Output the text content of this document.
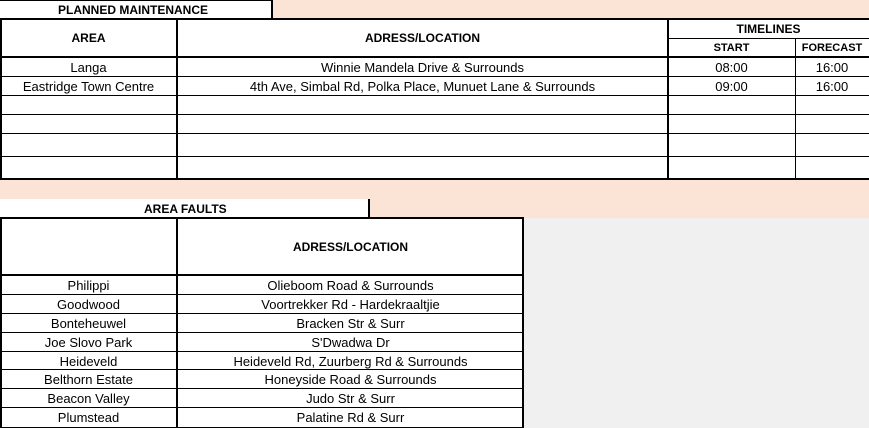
PLANNED MAINTENANCE
AREA	ADRESS/LOCATION
TIMELINES
START	FORECAST
Langa	Winnie Mandela Drive & Surrounds	08:00	16:00
Eastridge Town Centre	4th Ave, Simbal Rd, Polka Place, Munuet Lane & Surrounds	09:00	16:00
AREA FAULTS
ADRESS/LOCATION
Philippi	Olieboom Road & Surrounds
Goodwood	Voortrekker Rd - Hardekraaltjie
Bonteheuwel	Bracken Str & Surr
Joe Slovo Park	S'Dwadwa Dr
Heideveld	Heideveld Rd, Zuurberg Rd & Surrounds
Belthorn Estate	Honeyside Road & Surrounds
Beacon Valley	Judo Str & Surr
Plumstead	Palatine Rd & Surr
